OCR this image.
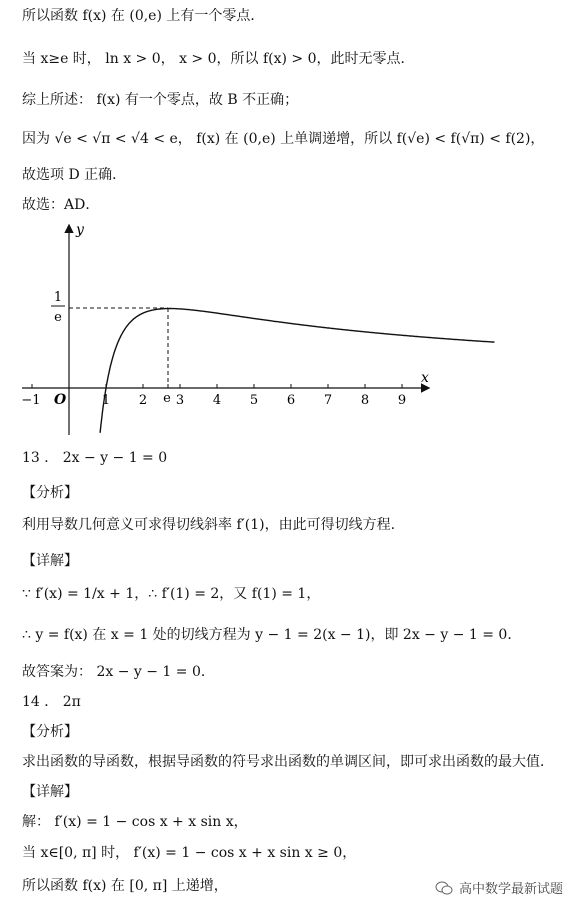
所以函数 f(x) 在 (0,e) 上有一个零点．
当 x≥e 时， ln x > 0， x > 0，所以 f(x) > 0，此时无零点．
综上所述： f(x) 有一个零点，故 B 不正确；
因为 √e < √π < √4 < e， f(x) 在 (0,e) 上单调递增，所以 f(√e) < f(√π) < f(2)，
故选项 D 正确．
故选：AD．
x
y
O
−1	1 2 e 3 4 5 6 7 8 9
1
e
13 ． 2x − y − 1 = 0
【分析】
利用导数几何意义可求得切线斜率 f′(1)，由此可得切线方程.
【详解】
∵ f′(x) = 1/x + 1，∴ f′(1) = 2，又 f(1) = 1，
∴ y = f(x) 在 x = 1 处的切线方程为 y − 1 = 2(x − 1)，即 2x − y − 1 = 0．
故答案为： 2x − y − 1 = 0．
14 ． 2π
【分析】
求出函数的导函数，根据导函数的符号求出函数的单调区间，即可求出函数的最大值．
【详解】
解： f′(x) = 1 − cos x + x sin x，
当 x∈[0, π] 时， f′(x) = 1 − cos x + x sin x ≥ 0，
所以函数 f(x) 在 [0, π] 上递增，	高中数学最新试题
